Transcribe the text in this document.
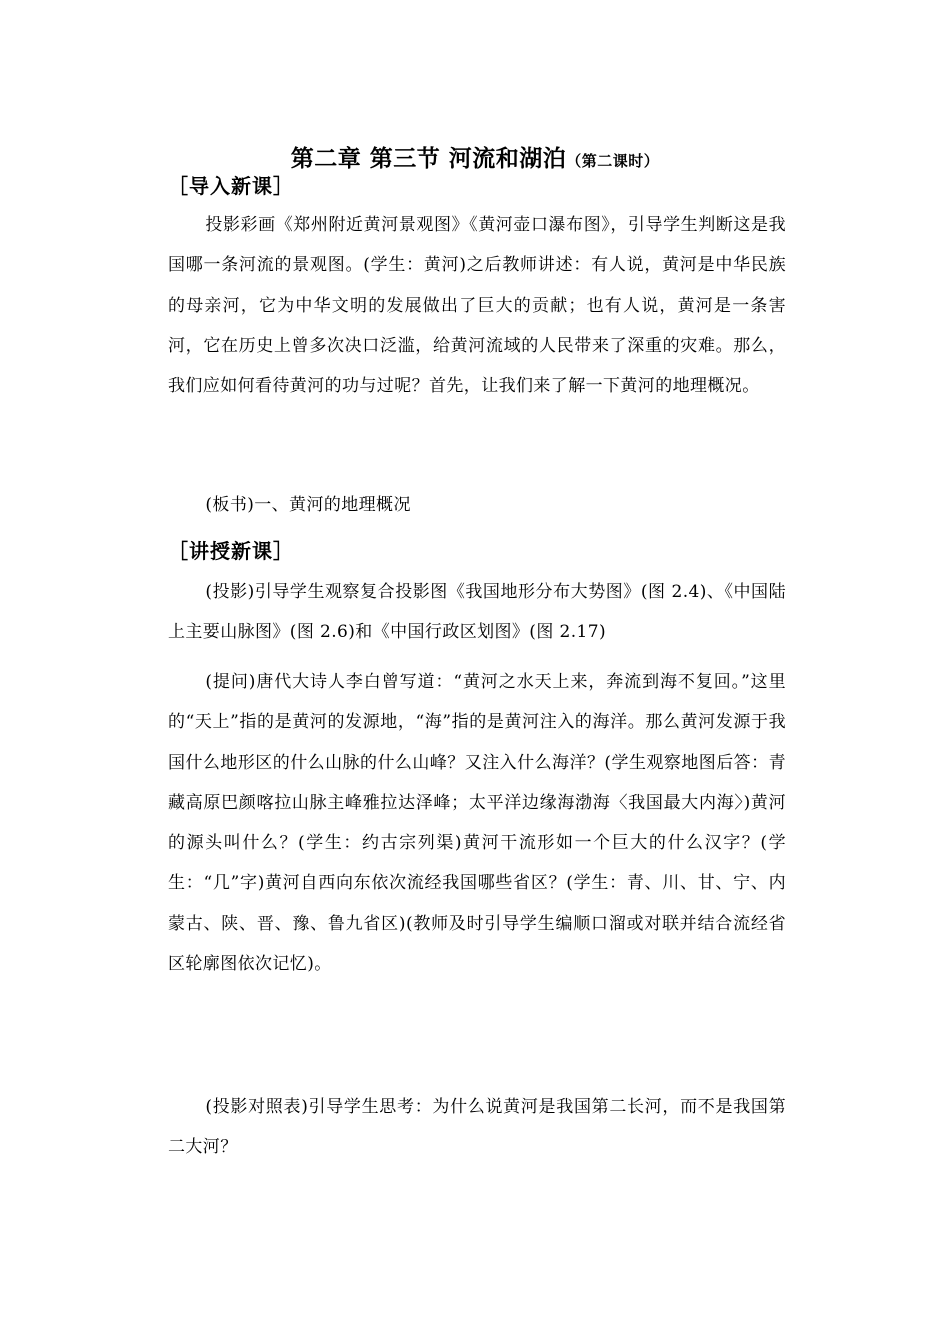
第二章 第三节 河流和湖泊（第二课时）
［导入新课］
投影彩画《郑州附近黄河景观图》《黄河壶口瀑布图》，引导学生判断这是我国哪一条河流的景观图。(学生：黄河)之后教师讲述：有人说，黄河是中华民族的母亲河，它为中华文明的发展做出了巨大的贡献；也有人说，黄河是一条害河，它在历史上曾多次决口泛滥，给黄河流域的人民带来了深重的灾难。那么，我们应如何看待黄河的功与过呢？首先，让我们来了解一下黄河的地理概况。
(板书)一、黄河的地理概况
［讲授新课］
(投影)引导学生观察复合投影图《我国地形分布大势图》(图 2.4)、《中国陆上主要山脉图》(图 2.6)和《中国行政区划图》(图 2.17)
(提问)唐代大诗人李白曾写道：“黄河之水天上来，奔流到海不复回。”这里的“天上”指的是黄河的发源地，“海”指的是黄河注入的海洋。那么黄河发源于我国什么地形区的什么山脉的什么山峰？又注入什么海洋？(学生观察地图后答：青藏高原巴颜喀拉山脉主峰雅拉达泽峰；太平洋边缘海渤海〈我国最大内海〉)黄河的源头叫什么？(学生：约古宗列渠)黄河干流形如一个巨大的什么汉字？(学生：“几”字)黄河自西向东依次流经我国哪些省区？(学生：青、川、甘、宁、内蒙古、陕、晋、豫、鲁九省区)(教师及时引导学生编顺口溜或对联并结合流经省区轮廓图依次记忆)。
(投影对照表)引导学生思考：为什么说黄河是我国第二长河，而不是我国第二大河？
